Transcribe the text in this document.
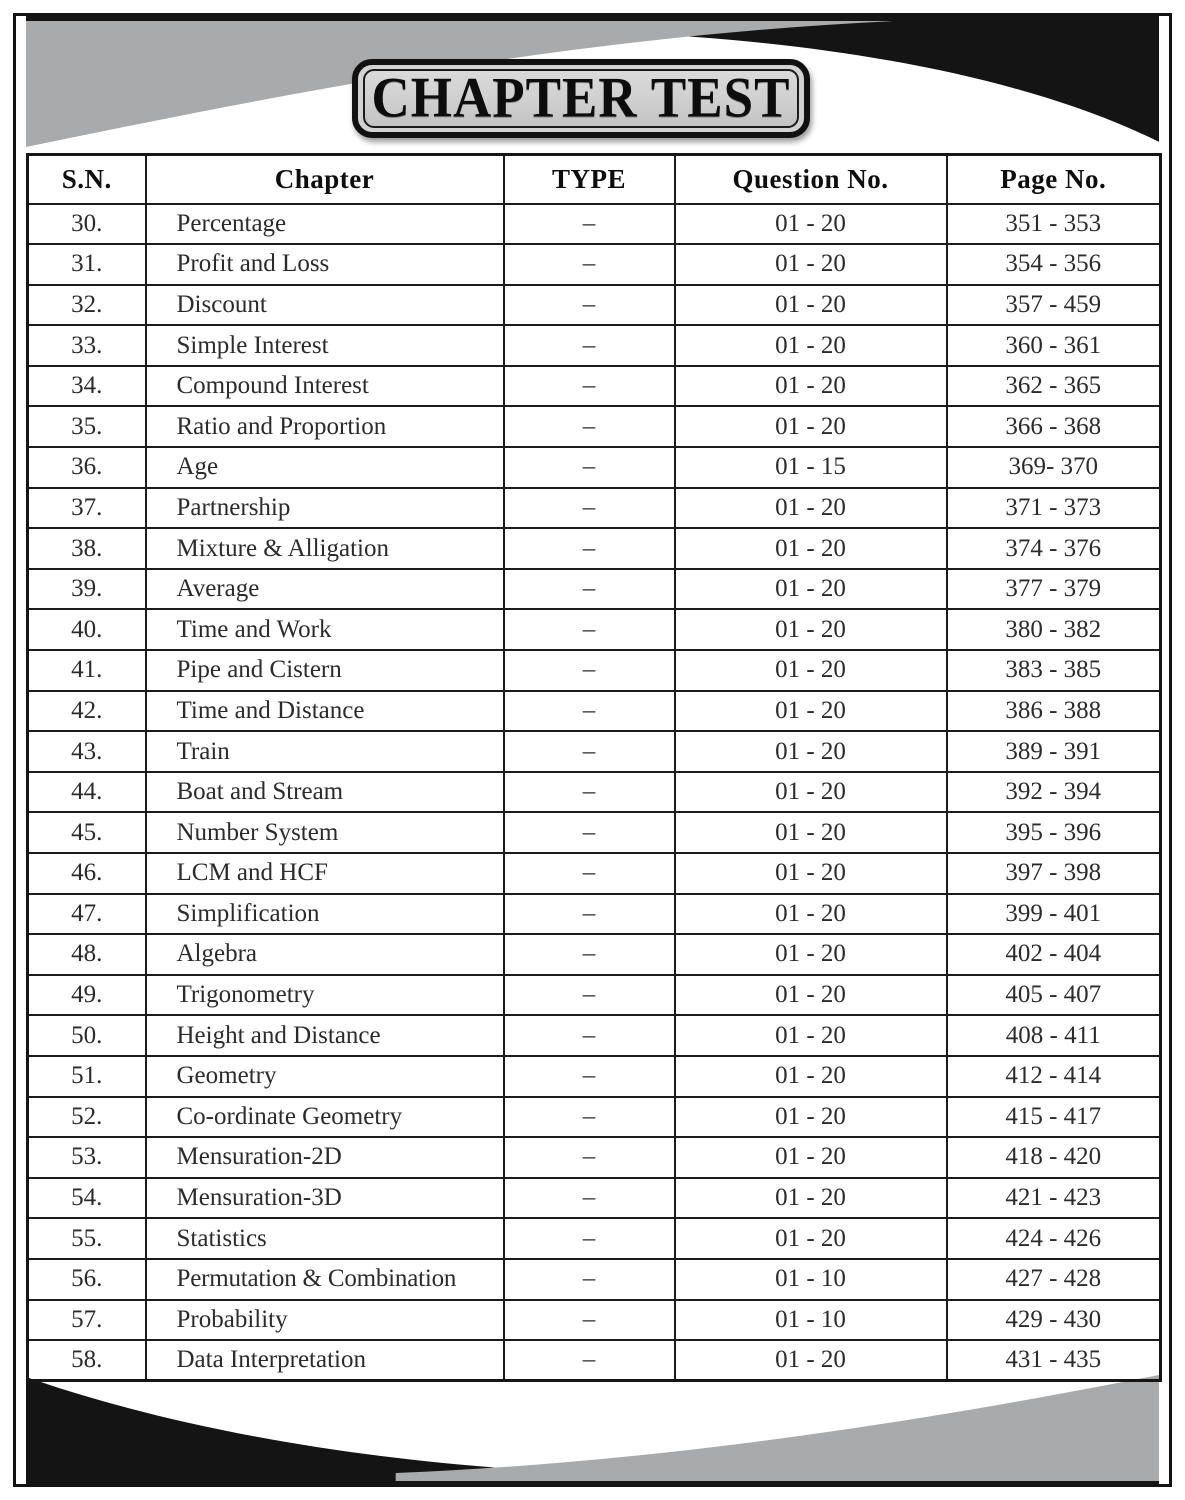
CHAPTER TEST
S.N.	Chapter	TYPE	Question No.	Page No.
30.	Percentage	–	01 - 20	351 - 353
31.	Profit and Loss	–	01 - 20	354 - 356
32.	Discount	–	01 - 20	357 - 459
33.	Simple Interest	–	01 - 20	360 - 361
34.	Compound Interest	–	01 - 20	362 - 365
35.	Ratio and Proportion	–	01 - 20	366 - 368
36.	Age	–	01 - 15	369- 370
37.	Partnership	–	01 - 20	371 - 373
38.	Mixture & Alligation	–	01 - 20	374 - 376
39.	Average	–	01 - 20	377 - 379
40.	Time and Work	–	01 - 20	380 - 382
41.	Pipe and Cistern	–	01 - 20	383 - 385
42.	Time and Distance	–	01 - 20	386 - 388
43.	Train	–	01 - 20	389 - 391
44.	Boat and Stream	–	01 - 20	392 - 394
45.	Number System	–	01 - 20	395 - 396
46.	LCM and HCF	–	01 - 20	397 - 398
47.	Simplification	–	01 - 20	399 - 401
48.	Algebra	–	01 - 20	402 - 404
49.	Trigonometry	–	01 - 20	405 - 407
50.	Height and Distance	–	01 - 20	408 - 411
51.	Geometry	–	01 - 20	412 - 414
52.	Co-ordinate Geometry	–	01 - 20	415 - 417
53.	Mensuration-2D	–	01 - 20	418 - 420
54.	Mensuration-3D	–	01 - 20	421 - 423
55.	Statistics	–	01 - 20	424 - 426
56.	Permutation & Combination	–	01 - 10	427 - 428
57.	Probability	–	01 - 10	429 - 430
58.	Data Interpretation	–	01 - 20	431 - 435
